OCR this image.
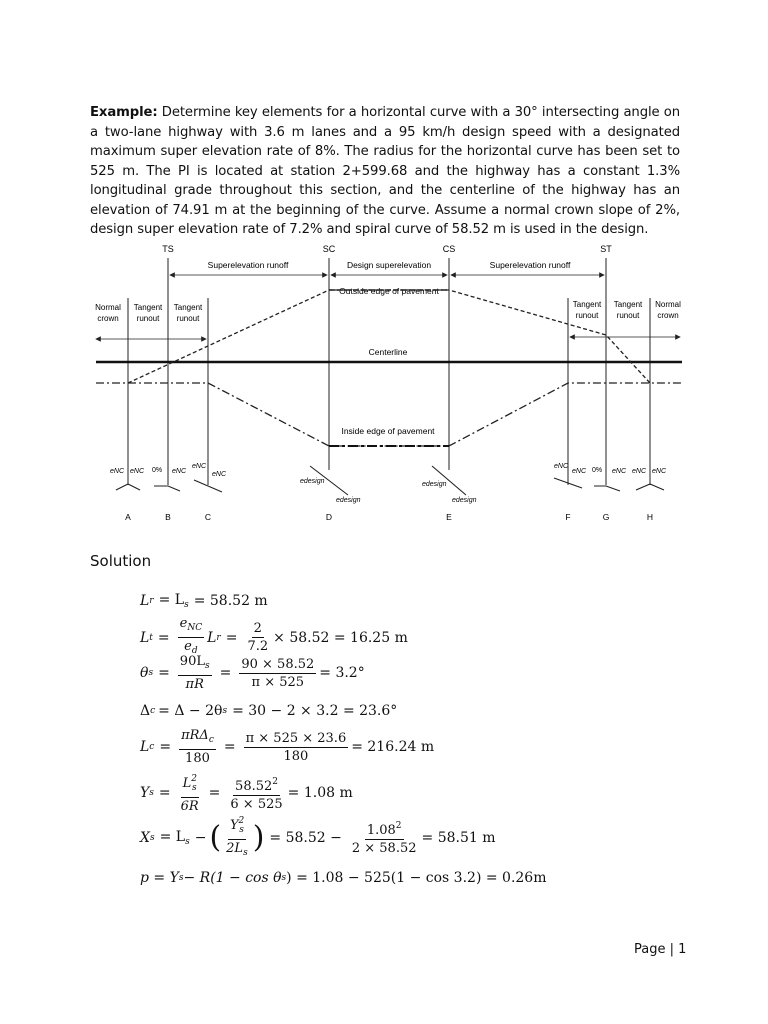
Example: Determine key elements for a horizontal curve with a 30° intersecting angle on a two-lane highway with 3.6 m lanes and a 95 km/h design speed with a designated maximum super elevation rate of 8%. The radius for the horizontal curve has been set to 525 m. The PI is located at station 2+599.68 and the highway has a constant 1.3% longitudinal grade throughout this section, and the centerline of the highway has an elevation of 74.91 m at the beginning of the curve. Assume a normal crown slope of 2%, design super elevation rate of 7.2% and spiral curve of 58.52 m is used in the design.

TS	SC	CS	ST
Superelevation runoff	Design superelevation	Superelevation runoff
Normal
crown
Tangent
runout
Tangent
runout
Tangent
runout
Tangent
runout
Normal
crown
Outside edge of pavement
Centerline
Inside edge of pavement
eNC eNC 0% eNC
eNC
eNC
edesign
edesign
edesign
edesign
eNC
eNC 0% eNC eNC eNC
A	B	C	D	E	F	G	H
Solution
L $r = L_s = 58.52$ m
L $t = \frac{e_{NC}}{e_d}$ L $r = \frac{2}{7.2} \times 58.52 = 16.25$ m
θ $s = \frac{90L_s}{\pi R} = \frac{90 \times 58.52}{\pi \times 525} = 3.2^\circ$
Δ c = Δ − 2θ s = 30 − 2 × 3.2 = 23.6°
L $c = \frac{\pi R\Delta_c}{180} = \frac{\pi \times 525 \times 23.6}{180} = 216.24$ m
Y $s = \frac{L^2_s}{6R} = \frac{58.52^2}{6 \times 525} = 1.08$ m
X $s = L_s$ − ( $\frac{Y^2_s}{2L_s}$ ) = $58.52 - \frac{1.08^2}{2 \times 58.52} = 58.51$ m
p = Y s − R(1 − cos θ s ) = 1.08 − 525(1 − cos 3.2) = 0.26m
Page | 1
